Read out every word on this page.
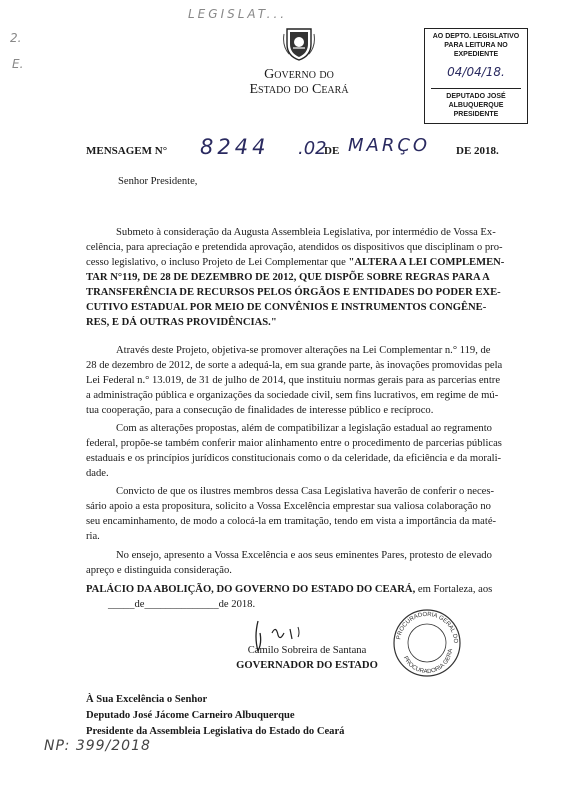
LEGISLAT...
2.
E.
Governo do
Estado do Ceará
AO DEPTO. LEGISLATIVO
PARA LEITURA NO EXPEDIENTE
04/04/18.
DEPUTADO JOSÉ ALBUQUERQUE
PRESIDENTE
MENSAGEM N° 8244 .02
DE MARÇO DE 2018.
Senhor Presidente,
Submeto à consideração da Augusta Assembleia Legislativa, por intermédio de Vossa Ex-
celência, para apreciação e pretendida aprovação, atendidos os dispositivos que disciplinam o pro-
cesso legislativo, o incluso Projeto de Lei Complementar que "ALTERA A LEI COMPLEMEN-
TAR N°119, DE 28 DE DEZEMBRO DE 2012, QUE DISPÕE SOBRE REGRAS PARA A
TRANSFERÊNCIA DE RECURSOS PELOS ÓRGÃOS E ENTIDADES DO PODER EXE-
CUTIVO ESTADUAL POR MEIO DE CONVÊNIOS E INSTRUMENTOS CONGÊNE-
RES, E DÁ OUTRAS PROVIDÊNCIAS."
Através deste Projeto, objetiva-se promover alterações na Lei Complementar n.° 119, de
28 de dezembro de 2012, de sorte a adequá-la, em sua grande parte, às inovações promovidas pela
Lei Federal n.° 13.019, de 31 de julho de 2014, que instituiu normas gerais para as parcerias entre
a administração pública e organizações da sociedade civil, sem fins lucrativos, em regime de mú-
tua cooperação, para a consecução de finalidades de interesse público e recíproco.
Com as alterações propostas, além de compatibilizar a legislação estadual ao regramento
federal, propõe-se também conferir maior alinhamento entre o procedimento de parcerias públicas
estaduais e os princípios jurídicos constitucionais como o da celeridade, da eficiência e da morali-
dade.
Convicto de que os ilustres membros dessa Casa Legislativa haverão de conferir o neces-
sário apoio a esta propositura, solicito a Vossa Excelência emprestar sua valiosa colaboração no
seu encaminhamento, de modo a colocá-la em tramitação, tendo em vista a importância da maté-
ria.
No ensejo, apresento a Vossa Excelência e aos seus eminentes Pares, protesto de elevado
apreço e distinguida consideração.
PALÁCIO DA ABOLIÇÃO, DO GOVERNO DO ESTADO DO CEARÁ, em Fortaleza, aos
_____de______________de 2018.
Camilo Sobreira de Santana
GOVERNADOR DO ESTADO
PROCURADORIA GERAL DO
PROCURADORIA GERA
À Sua Excelência o Senhor
Deputado José Jácome Carneiro Albuquerque
Presidente da Assembleia Legislativa do Estado do Ceará
NP: 399/2018
